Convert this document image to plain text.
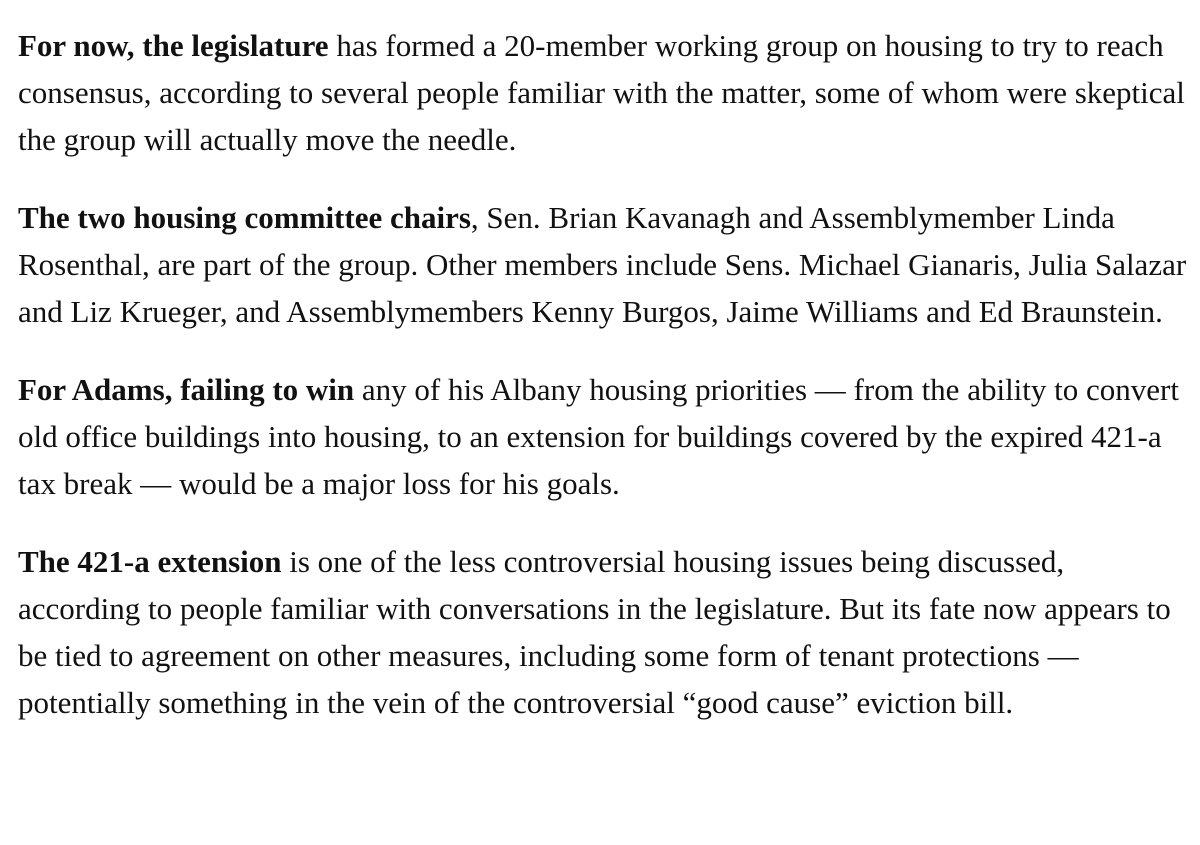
For now, the legislature has formed a 20-member working group on housing to try to reach consensus, according to several people familiar with the matter, some of whom were skeptical the group will actually move the needle.

The two housing committee chairs, Sen. Brian Kavanagh and Assemblymember Linda Rosenthal, are part of the group. Other members include Sens. Michael Gianaris, Julia Salazar and Liz Krueger, and Assemblymembers Kenny Burgos, Jaime Williams and Ed Braunstein.

For Adams, failing to win any of his Albany housing priorities — from the ability to convert old office buildings into housing, to an extension for buildings covered by the expired 421-a tax break — would be a major loss for his goals.

The 421-a extension is one of the less controversial housing issues being discussed, according to people familiar with conversations in the legislature. But its fate now appears to be tied to agreement on other measures, including some form of tenant protections — potentially something in the vein of the controversial “good cause” eviction bill.
